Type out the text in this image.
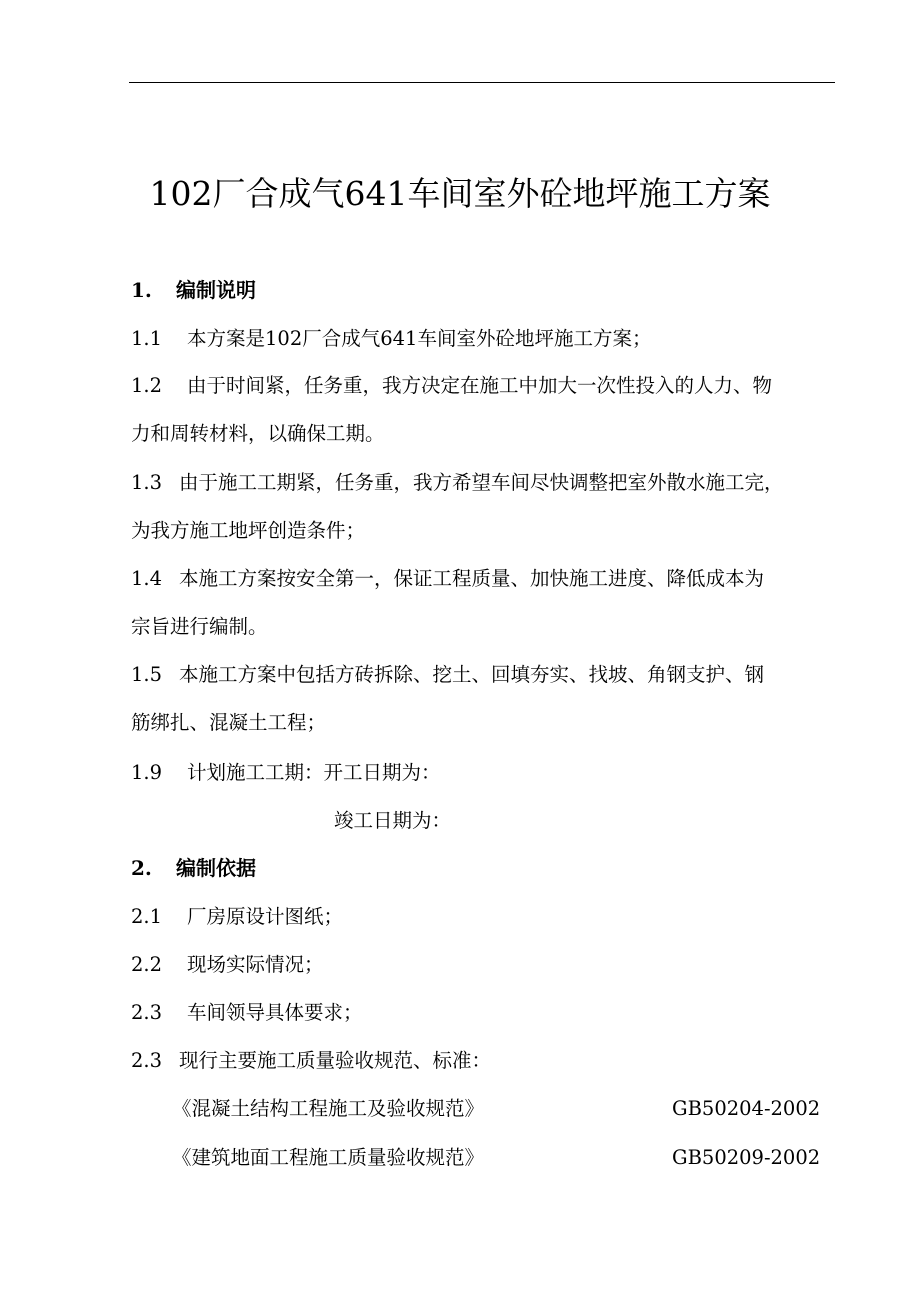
102厂合成气641车间室外砼地坪施工方案
1. 编制说明
1.1 本方案是102厂合成气641车间室外砼地坪施工方案；
1.2 由于时间紧，任务重，我方决定在施工中加大一次性投入的人力、物
力和周转材料，以确保工期。
1.3 由于施工工期紧，任务重，我方希望车间尽快调整把室外散水施工完，
为我方施工地坪创造条件；
1.4 本施工方案按安全第一，保证工程质量、加快施工进度、降低成本为
宗旨进行编制。
1.5 本施工方案中包括方砖拆除、挖土、回填夯实、找坡、角钢支护、钢
筋绑扎、混凝土工程；
1.9 计划施工工期：开工日期为：
竣工日期为：
2. 编制依据
2.1 厂房原设计图纸；
2.2 现场实际情况；
2.3 车间领导具体要求；
2.3 现行主要施工质量验收规范、标准：
《混凝土结构工程施工及验收规范》	GB50204-2002
《建筑地面工程施工质量验收规范》	GB50209-2002
